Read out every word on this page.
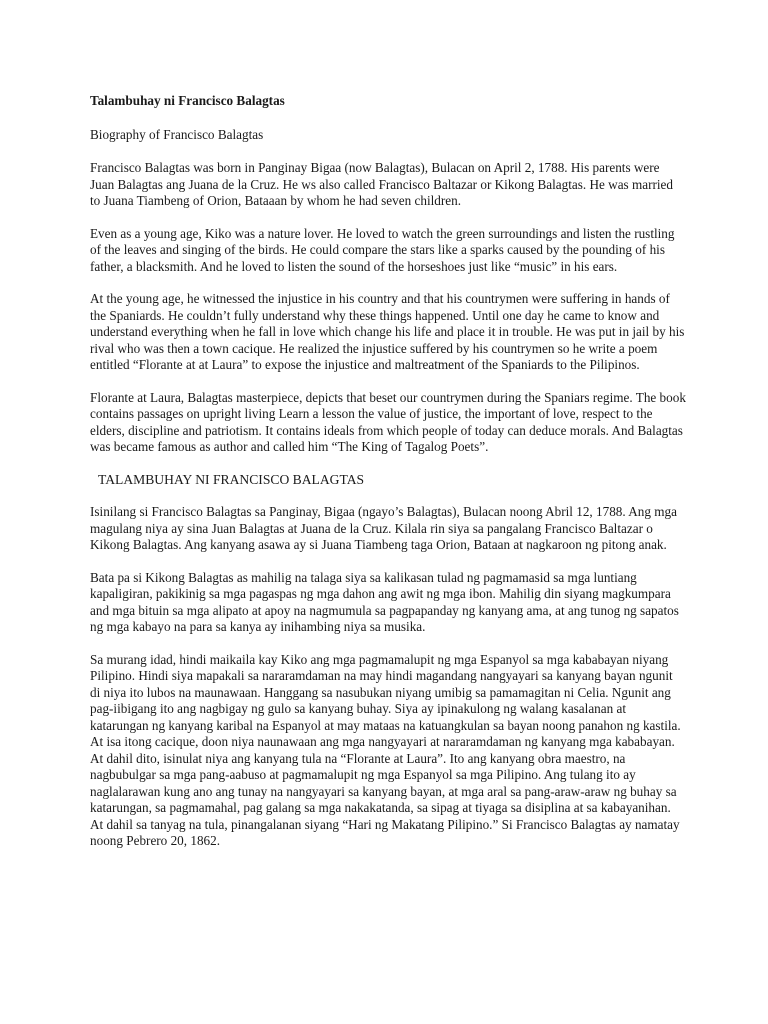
Talambuhay ni Francisco Balagtas
Biography of Francisco Balagtas
Francisco Balagtas was born in Panginay Bigaa (now Balagtas), Bulacan on April 2, 1788. His parents were Juan Balagtas ang Juana de la Cruz. He ws also called Francisco Baltazar or Kikong Balagtas. He was married to Juana Tiambeng of Orion, Bataaan by whom he had seven children.
Even as a young age, Kiko was a nature lover. He loved to watch the green surroundings and listen the rustling of the leaves and singing of the birds. He could compare the stars like a sparks caused by the pounding of his father, a blacksmith. And he loved to listen the sound of the horseshoes just like “music” in his ears.
At the young age, he witnessed the injustice in his country and that his countrymen were suffering in hands of the Spaniards. He couldn’t fully understand why these things happened. Until one day he came to know and understand everything when he fall in love which change his life and place it in trouble. He was put in jail by his rival who was then a town cacique. He realized the injustice suffered by his countrymen so he write a poem entitled “Florante at at Laura” to expose the injustice and maltreatment of the Spaniards to the Pilipinos.
Florante at Laura, Balagtas masterpiece, depicts that beset our countrymen during the Spaniars regime. The book contains passages on upright living Learn a lesson the value of justice, the important of love, respect to the elders, discipline and patriotism. It contains ideals from which people of today can deduce morals. And Balagtas was became famous as author and called him “The King of Tagalog Poets”.
TALAMBUHAY NI FRANCISCO BALAGTAS
Isinilang si Francisco Balagtas sa Panginay, Bigaa (ngayo’s Balagtas), Bulacan noong Abril 12, 1788. Ang mga magulang niya ay sina Juan Balagtas at Juana de la Cruz. Kilala rin siya sa pangalang Francisco Baltazar o Kikong Balagtas. Ang kanyang asawa ay si Juana Tiambeng taga Orion, Bataan at nagkaroon ng pitong anak.
Bata pa si Kikong Balagtas as mahilig na talaga siya sa kalikasan tulad ng pagmamasid sa mga luntiang kapaligiran, pakikinig sa mga pagaspas ng mga dahon ang awit ng mga ibon. Mahilig din siyang magkumpara and mga bituin sa mga alipato at apoy na nagmumula sa pagpapanday ng kanyang ama, at ang tunog ng sapatos ng mga kabayo na para sa kanya ay inihambing niya sa musika.
Sa murang idad, hindi maikaila kay Kiko ang mga pagmamalupit ng mga Espanyol sa mga kababayan niyang Pilipino. Hindi siya mapakali sa nararamdaman na may hindi magandang nangyayari sa kanyang bayan ngunit di niya ito lubos na maunawaan. Hanggang sa nasubukan niyang umibig sa pamamagitan ni Celia. Ngunit ang pag-iibigang ito ang nagbigay ng gulo sa kanyang buhay. Siya ay ipinakulong ng walang kasalanan at katarungan ng kanyang karibal na Espanyol at may mataas na katuangkulan sa bayan noong panahon ng kastila. At isa itong cacique, doon niya naunawaan ang mga nangyayari at nararamdaman ng kanyang mga kababayan. At dahil dito, isinulat niya ang kanyang tula na “Florante at Laura”. Ito ang kanyang obra maestro, na nagbubulgar sa mga pang-aabuso at pagmamalupit ng mga Espanyol sa mga Pilipino. Ang tulang ito ay naglalarawan kung ano ang tunay na nangyayari sa kanyang bayan, at mga aral sa pang-araw-araw ng buhay sa katarungan, sa pagmamahal, pag galang sa mga nakakatanda, sa sipag at tiyaga sa disiplina at sa kabayanihan. At dahil sa tanyag na tula, pinangalanan siyang “Hari ng Makatang Pilipino.” Si Francisco Balagtas ay namatay noong Pebrero 20, 1862.
